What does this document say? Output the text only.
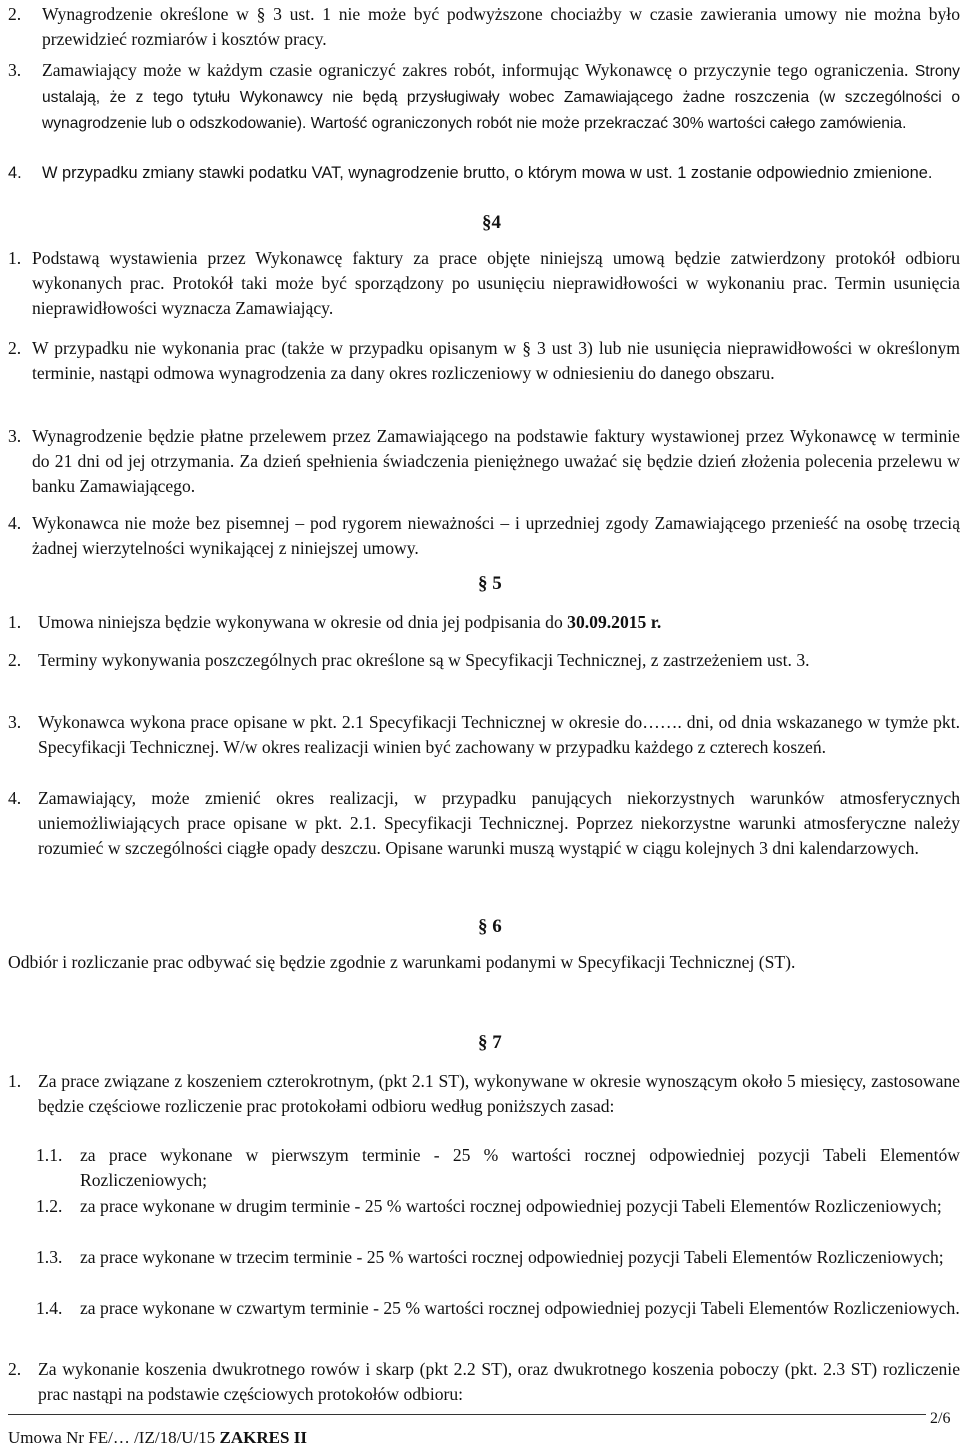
2.	Wynagrodzenie określone w § 3 ust. 1 nie może być podwyższone chociażby w czasie zawierania umowy nie można było przewidzieć rozmiarów i kosztów pracy.
3.	Zamawiający może w każdym czasie ograniczyć zakres robót, informując Wykonawcę o przyczynie tego ograniczenia. Strony ustalają, że z tego tytułu Wykonawcy nie będą przysługiwały wobec Zamawiającego żadne roszczenia (w szczególności o wynagrodzenie lub o odszkodowanie). Wartość ograniczonych robót nie może przekraczać 30% wartości całego zamówienia.
4.	W przypadku zmiany stawki podatku VAT, wynagrodzenie brutto, o którym mowa w ust. 1 zostanie odpowiednio zmienione.
§4
1. Podstawą wystawienia przez Wykonawcę faktury za prace objęte niniejszą umową będzie zatwierdzony protokół odbioru wykonanych prac. Protokół taki może być sporządzony po usunięciu nieprawidłowości w wykonaniu prac. Termin usunięcia nieprawidłowości wyznacza Zamawiający.
2. W przypadku nie wykonania prac (także w przypadku opisanym w § 3 ust 3) lub nie usunięcia nieprawidłowości w określonym terminie, nastąpi odmowa wynagrodzenia za dany okres rozliczeniowy w odniesieniu do danego obszaru.
3. Wynagrodzenie będzie płatne przelewem przez Zamawiającego na podstawie faktury wystawionej przez Wykonawcę w terminie do 21 dni od jej otrzymania. Za dzień spełnienia świadczenia pieniężnego uważać się będzie dzień złożenia polecenia przelewu w banku Zamawiającego.
4. Wykonawca nie może bez pisemnej – pod rygorem nieważności – i uprzedniej zgody Zamawiającego przenieść na osobę trzecią żadnej wierzytelności wynikającej z niniejszej umowy.
§ 5
1. Umowa niniejsza będzie wykonywana w okresie od dnia jej podpisania do 30.09.2015 r.
2. Terminy wykonywania poszczególnych prac określone są w Specyfikacji Technicznej, z zastrzeżeniem ust. 3.
3. Wykonawca wykona prace opisane w pkt. 2.1 Specyfikacji Technicznej w okresie do……. dni, od dnia wskazanego w tymże pkt. Specyfikacji Technicznej. W/w okres realizacji winien być zachowany w przypadku każdego z czterech koszeń.
4. Zamawiający, może zmienić okres realizacji, w przypadku panujących niekorzystnych warunków atmosferycznych uniemożliwiających prace opisane w pkt. 2.1. Specyfikacji Technicznej. Poprzez niekorzystne warunki atmosferyczne należy rozumieć w szczególności ciągłe opady deszczu. Opisane warunki muszą wystąpić w ciągu kolejnych 3 dni kalendarzowych.
§ 6
Odbiór i rozliczanie prac odbywać się będzie zgodnie z warunkami podanymi w Specyfikacji Technicznej (ST).
§ 7
1. Za prace związane z koszeniem czterokrotnym, (pkt 2.1 ST), wykonywane w okresie wynoszącym około 5 miesięcy, zastosowane będzie częściowe rozliczenie prac protokołami odbioru według poniższych zasad:
1.1.	za prace wykonane w pierwszym terminie - 25 % wartości rocznej odpowiedniej pozycji Tabeli Elementów Rozliczeniowych;
1.2.	za prace wykonane w drugim terminie - 25 % wartości rocznej odpowiedniej pozycji Tabeli Elementów Rozliczeniowych;
1.3.	za prace wykonane w trzecim terminie - 25 % wartości rocznej odpowiedniej pozycji Tabeli Elementów Rozliczeniowych;
1.4.	za prace wykonane w czwartym terminie - 25 % wartości rocznej odpowiedniej pozycji Tabeli Elementów Rozliczeniowych.
2. Za wykonanie koszenia dwukrotnego rowów i skarp (pkt 2.2 ST), oraz dwukrotnego koszenia poboczy (pkt. 2.3 ST) rozliczenie prac nastąpi na podstawie częściowych protokołów odbioru:
Umowa Nr FE/… /IZ/18/U/15 ZAKRES II
2/6
